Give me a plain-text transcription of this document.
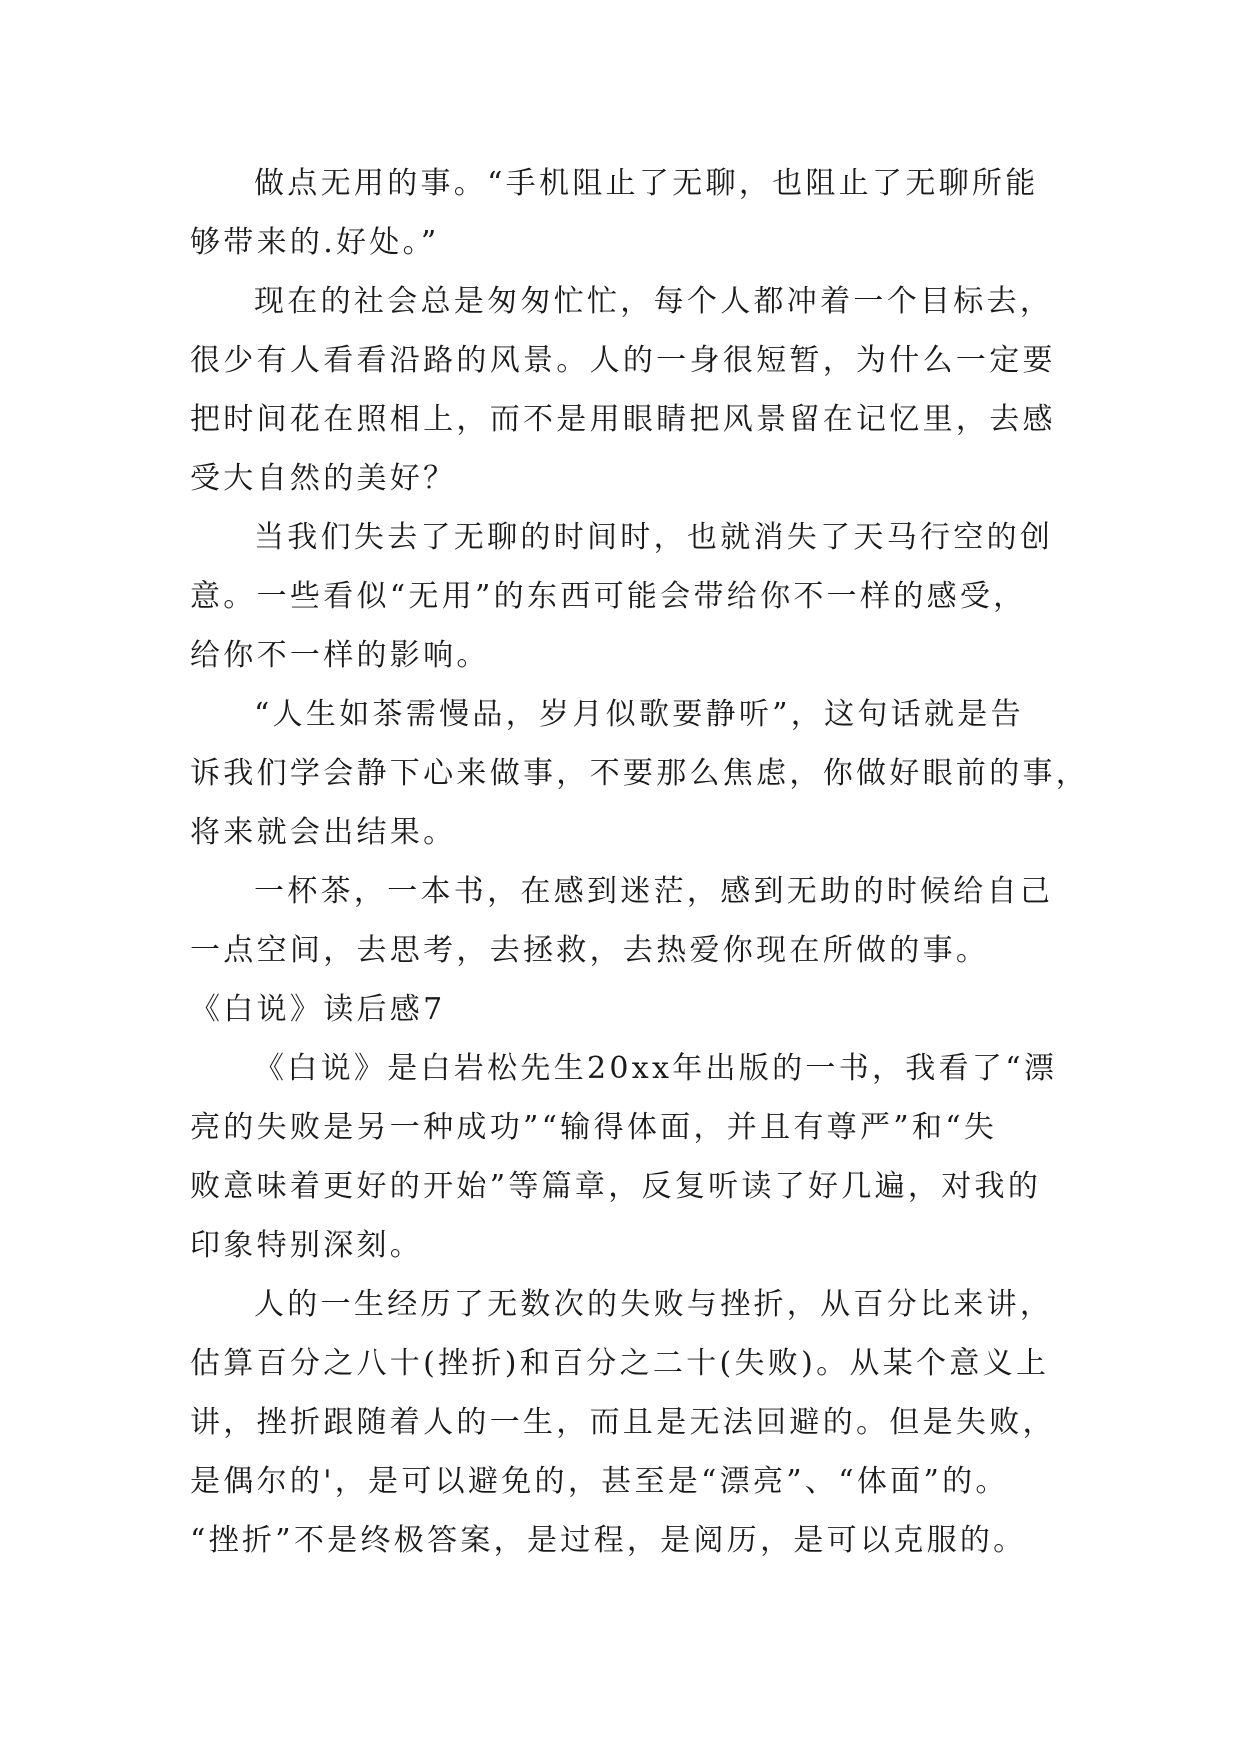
做点无用的事。“手机阻止了无聊，也阻止了无聊所能

够带来的.好处。”

现在的社会总是匆匆忙忙，每个人都冲着一个目标去，

很少有人看看沿路的风景。人的一身很短暂，为什么一定要

把时间花在照相上，而不是用眼睛把风景留在记忆里，去感

受大自然的美好？

当我们失去了无聊的时间时，也就消失了天马行空的创

意。一些看似“无用”的东西可能会带给你不一样的感受，

给你不一样的影响。

“人生如茶需慢品，岁月似歌要静听”，这句话就是告

诉我们学会静下心来做事，不要那么焦虑，你做好眼前的事，

将来就会出结果。

一杯茶，一本书，在感到迷茫，感到无助的时候给自己

一点空间，去思考，去拯救，去热爱你现在所做的事。

《白说》读后感7

《白说》是白岩松先生20xx年出版的一书，我看了“漂

亮的失败是另一种成功”“输得体面，并且有尊严”和“失

败意味着更好的开始”等篇章，反复听读了好几遍，对我的

印象特别深刻。

人的一生经历了无数次的失败与挫折，从百分比来讲，

估算百分之八十(挫折)和百分之二十(失败)。从某个意义上

讲，挫折跟随着人的一生，而且是无法回避的。但是失败，

是偶尔的'，是可以避免的，甚至是“漂亮”、“体面”的。

“挫折”不是终极答案，是过程，是阅历，是可以克服的。
